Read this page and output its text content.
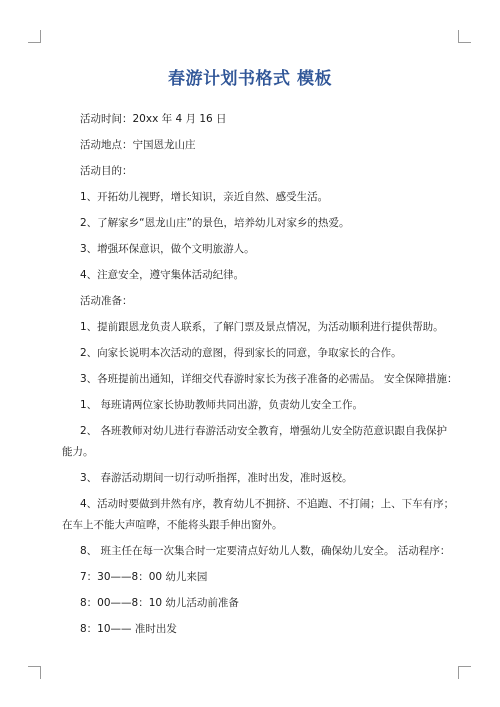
春游计划书格式 模板

活动时间：20xx 年 4 月 16 日

活动地点：宁国恩龙山庄

活动目的：

1、开拓幼儿视野，增长知识，亲近自然、感受生活。

2、了解家乡“恩龙山庄”的景色，培养幼儿对家乡的热爱。

3、增强环保意识，做个文明旅游人。

4、注意安全，遵守集体活动纪律。

活动准备：

1、提前跟恩龙负责人联系，了解门票及景点情况，为活动顺利进行提供帮助。

2、向家长说明本次活动的意图，得到家长的同意，争取家长的合作。

3、各班提前出通知，详细交代春游时家长为孩子准备的必需品。 安全保障措施：

1、 每班请两位家长协助教师共同出游，负责幼儿安全工作。

2、 各班教师对幼儿进行春游活动安全教育，增强幼儿安全防范意识跟自我保护

能力。

3、 春游活动期间一切行动听指挥，准时出发，准时返校。

4、活动时要做到井然有序，教育幼儿不拥挤、不追跑、不打闹；上、下车有序；

在车上不能大声喧哗，不能将头跟手伸出窗外。

8、 班主任在每一次集合时一定要清点好幼儿人数，确保幼儿安全。 活动程序：

7：30——8：00 幼儿来园

8：00——8：10 幼儿活动前准备

8：10—— 准时出发
